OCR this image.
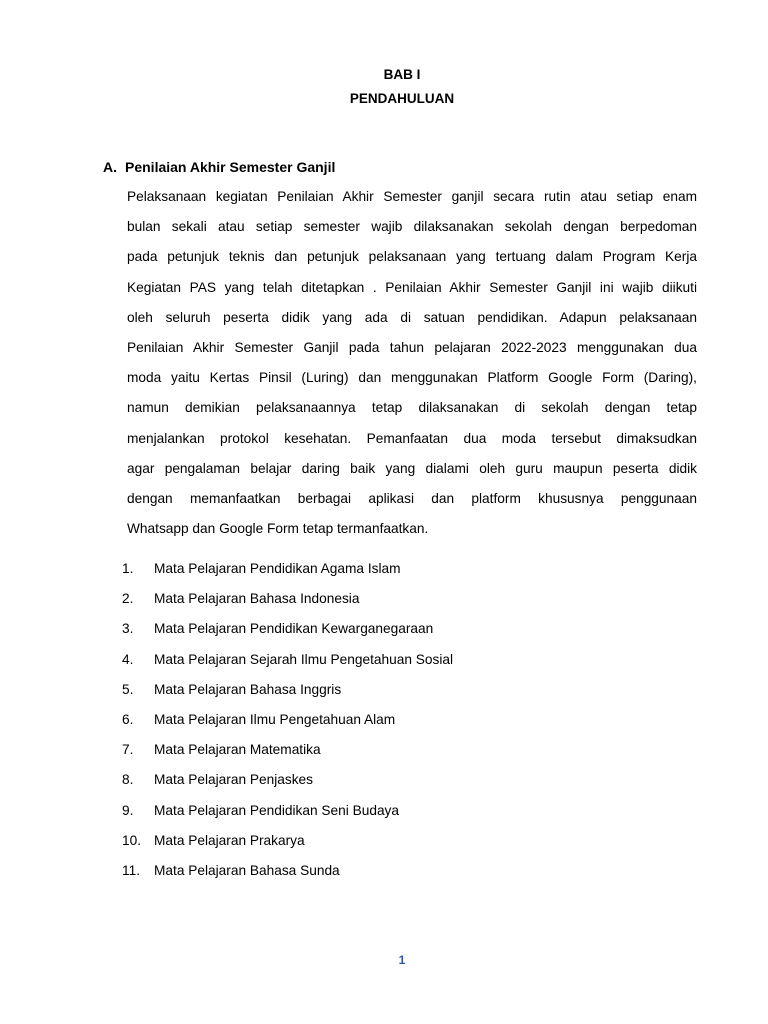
BAB I
PENDAHULUAN
A. Penilaian Akhir Semester Ganjil
Pelaksanaan kegiatan Penilaian Akhir Semester ganjil secara rutin atau setiap enam
bulan sekali atau setiap semester wajib dilaksanakan sekolah dengan berpedoman
pada petunjuk teknis dan petunjuk pelaksanaan yang tertuang dalam Program Kerja
Kegiatan PAS yang telah ditetapkan . Penilaian Akhir Semester Ganjil ini wajib diikuti
oleh seluruh peserta didik yang ada di satuan pendidikan. Adapun pelaksanaan
Penilaian Akhir Semester Ganjil pada tahun pelajaran 2022-2023 menggunakan dua
moda yaitu Kertas Pinsil (Luring) dan menggunakan Platform Google Form (Daring),
namun demikian pelaksanaannya tetap dilaksanakan di sekolah dengan tetap
menjalankan protokol kesehatan. Pemanfaatan dua moda tersebut dimaksudkan
agar pengalaman belajar daring baik yang dialami oleh guru maupun peserta didik
dengan memanfaatkan berbagai aplikasi dan platform khususnya penggunaan
Whatsapp dan Google Form tetap termanfaatkan.
1. Mata Pelajaran Pendidikan Agama Islam
2. Mata Pelajaran Bahasa Indonesia
3. Mata Pelajaran Pendidikan Kewarganegaraan
4. Mata Pelajaran Sejarah Ilmu Pengetahuan Sosial
5. Mata Pelajaran Bahasa Inggris
6. Mata Pelajaran Ilmu Pengetahuan Alam
7. Mata Pelajaran Matematika
8. Mata Pelajaran Penjaskes
9. Mata Pelajaran Pendidikan Seni Budaya
10. Mata Pelajaran Prakarya
11. Mata Pelajaran Bahasa Sunda
1
